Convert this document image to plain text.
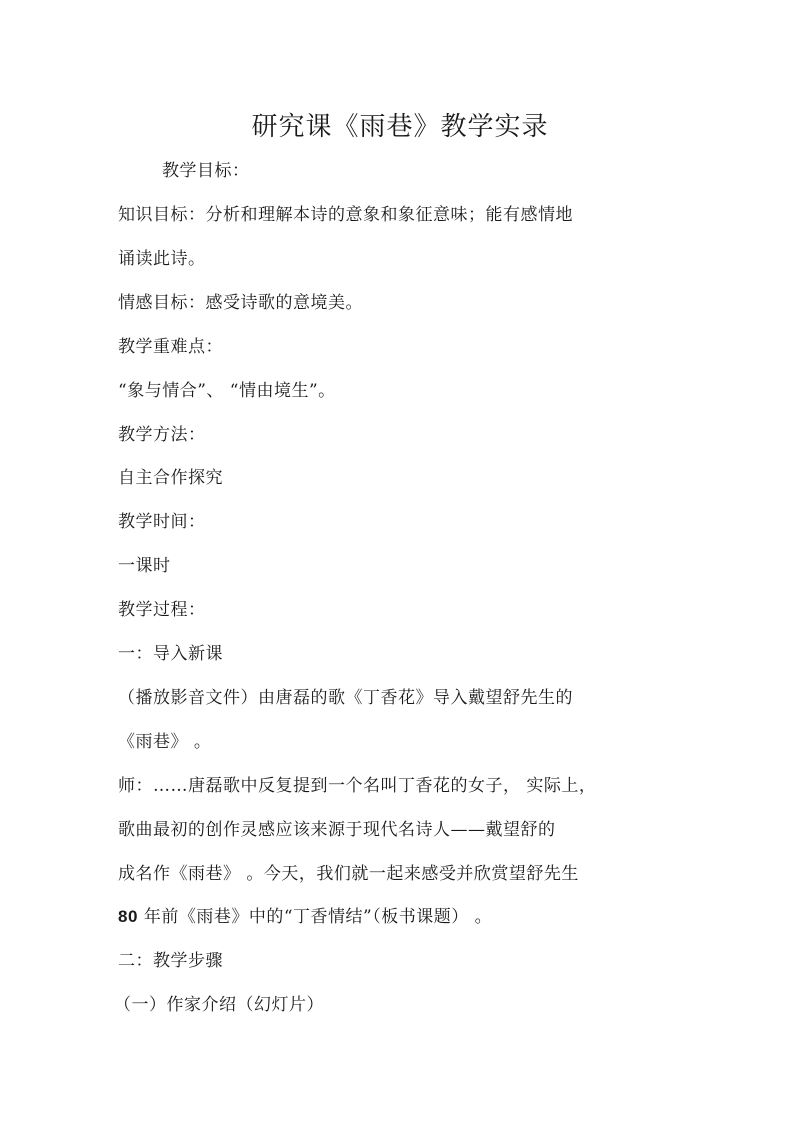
研究课《雨巷》教学实录
教学目标：
知识目标：分析和理解本诗的意象和象征意味；能有感情地
诵读此诗。
情感目标：感受诗歌的意境美。
教学重难点：
“象与情合”、 “情由境生”。
教学方法：
自主合作探究
教学时间：
一课时
教学过程：
一：导入新课
（播放影音文件）由唐磊的歌《丁香花》导入戴望舒先生的
《雨巷》 。
师：……唐磊歌中反复提到一个名叫丁香花的女子， 实际上，
歌曲最初的创作灵感应该来源于现代名诗人——戴望舒的
成名作《雨巷》 。今天，我们就一起来感受并欣赏望舒先生
80 年前《雨巷》中的“丁香情结”（板书课题） 。
二：教学步骤
（一）作家介绍（幻灯片）
